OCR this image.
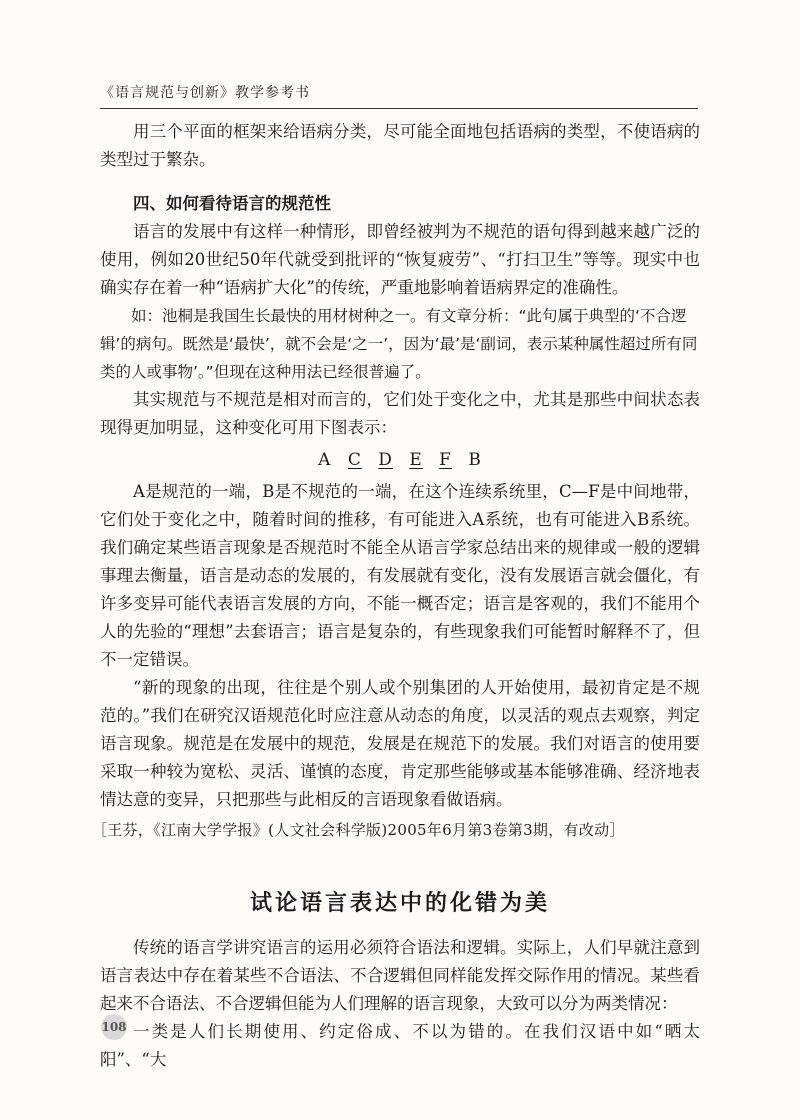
《语言规范与创新》教学参考书

用三个平面的框架来给语病分类，尽可能全面地包括语病的类型，不使语病的类型过于繁杂。

四、如何看待语言的规范性

语言的发展中有这样一种情形，即曾经被判为不规范的语句得到越来越广泛的使用，例如20世纪50年代就受到批评的“恢复疲劳”、“打扫卫生”等等。现实中也确实存在着一种“语病扩大化”的传统，严重地影响着语病界定的准确性。

如：池桐是我国生长最快的用材树种之一。有文章分析：“此句属于典型的‘不合逻辑’的病句。既然是‘最快’，就不会是‘之一’，因为‘最’是‘副词，表示某种属性超过所有同类的人或事物’。”但现在这种用法已经很普遍了。

其实规范与不规范是相对而言的，它们处于变化之中，尤其是那些中间状态表现得更加明显，这种变化可用下图表示：

A C D E F B

A是规范的一端，B是不规范的一端，在这个连续系统里，C—F是中间地带，它们处于变化之中，随着时间的推移，有可能进入A系统，也有可能进入B系统。我们确定某些语言现象是否规范时不能全从语言学家总结出来的规律或一般的逻辑事理去衡量，语言是动态的发展的，有发展就有变化，没有发展语言就会僵化，有许多变异可能代表语言发展的方向，不能一概否定；语言是客观的，我们不能用个人的先验的“理想”去套语言；语言是复杂的，有些现象我们可能暂时解释不了，但不一定错误。

“新的现象的出现，往往是个别人或个别集团的人开始使用，最初肯定是不规范的。”我们在研究汉语规范化时应注意从动态的角度，以灵活的观点去观察，判定语言现象。规范是在发展中的规范，发展是在规范下的发展。我们对语言的使用要采取一种较为宽松、灵活、谨慎的态度，肯定那些能够或基本能够准确、经济地表情达意的变异，只把那些与此相反的言语现象看做语病。

［王芬，《江南大学学报》(人文社会科学版)2005年6月第3卷第3期，有改动］

试论语言表达中的化错为美

传统的语言学讲究语言的运用必须符合语法和逻辑。实际上，人们早就注意到语言表达中存在着某些不合语法、不合逻辑但同样能发挥交际作用的情况。某些看起来不合语法、不合逻辑但能为人们理解的语言现象，大致可以分为两类情况：

一类是人们长期使用、约定俗成、不以为错的。在我们汉语中如“晒太阳”、“大

108
